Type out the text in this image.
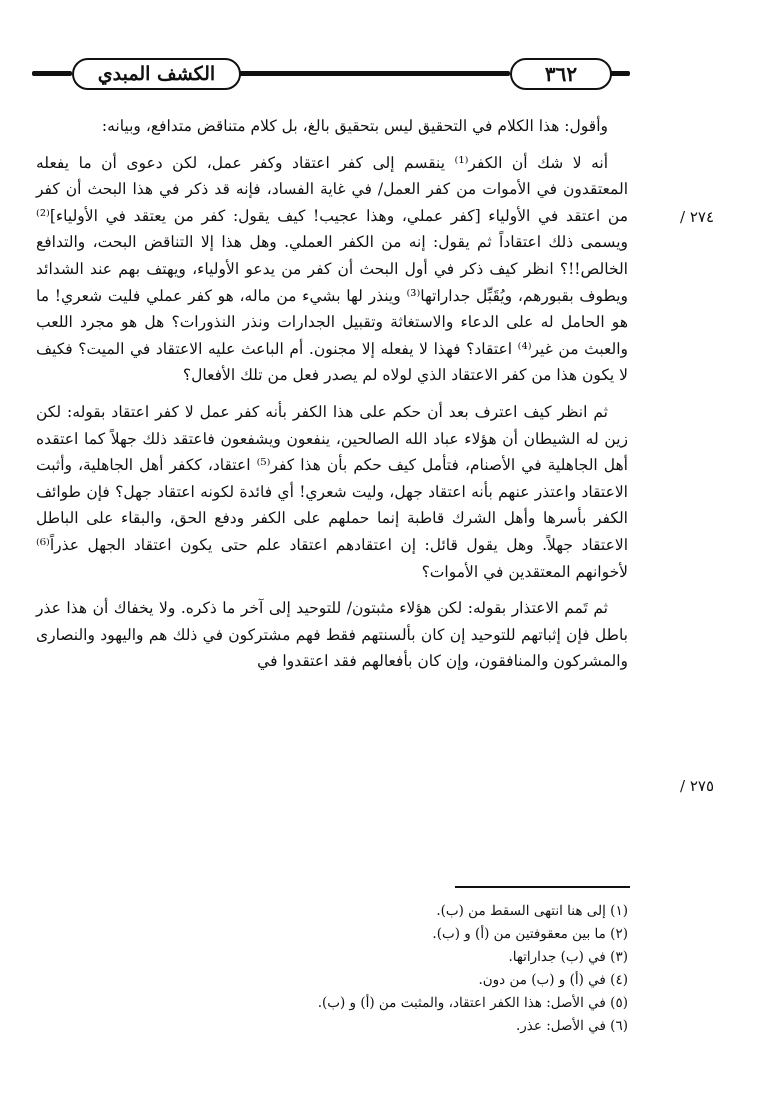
الكشف المبدي	٣٦٢
/ ٢٧٤
/ ٢٧٥

وأقول: هذا الكلام في التحقيق ليس بتحقيق بالغ، بل كلام متناقض متدافع، وبيانه:

أنه لا شك أن الكفر⁽¹⁾ ينقسم إلى كفر اعتقاد وكفر عمل، لكن دعوى أن ما يفعله المعتقدون في الأموات من كفر العمل/ في غاية الفساد، فإنه قد ذكر في هذا البحث أن كفر من اعتقد في الأولياء [كفر عملي، وهذا عجيب! كيف يقول: كفر من يعتقد في الأولياء]⁽²⁾ ويسمى ذلك اعتقاداً ثم يقول: إنه من الكفر العملي. وهل هذا إلا التناقض البحت، والتدافع الخالص!!؟ انظر كيف ذكر في أول البحث أن كفر من يدعو الأولياء، ويهتف بهم عند الشدائد ويطوف بقبورهم، ويُقَبِّل جداراتها⁽³⁾ وينذر لها بشيء من ماله، هو كفر عملي فليت شعري! ما هو الحامل له على الدعاء والاستغاثة وتقبيل الجدارات ونذر النذورات؟ هل هو مجرد اللعب والعبث من غير⁽⁴⁾ اعتقاد؟ فهذا لا يفعله إلا مجنون. أم الباعث عليه الاعتقاد في الميت؟ فكيف لا يكون هذا من كفر الاعتقاد الذي لولاه لم يصدر فعل من تلك الأفعال؟

ثم انظر كيف اعترف بعد أن حكم على هذا الكفر بأنه كفر عمل لا كفر اعتقاد بقوله: لكن زين له الشيطان أن هؤلاء عباد الله الصالحين، ينفعون ويشفعون فاعتقد ذلك جهلاً كما اعتقده أهل الجاهلية في الأصنام، فتأمل كيف حكم بأن هذا كفر⁽⁵⁾ اعتقاد، ككفر أهل الجاهلية، وأثبت الاعتقاد واعتذر عنهم بأنه اعتقاد جهل، وليت شعري! أي فائدة لكونه اعتقاد جهل؟ فإن طوائف الكفر بأسرها وأهل الشرك قاطبة إنما حملهم على الكفر ودفع الحق، والبقاء على الباطل الاعتقاد جهلاً. وهل يقول قائل: إن اعتقادهم اعتقاد علم حتى يكون اعتقاد الجهل عذراً⁽⁶⁾ لأخوانهم المعتقدين في الأموات؟

ثم تَمم الاعتذار بقوله: لكن هؤلاء مثبتون/ للتوحيد إلى آخر ما ذكره. ولا يخفاك أن هذا عذر باطل فإن إثباتهم للتوحيد إن كان بألسنتهم فقط فهم مشتركون في ذلك هم واليهود والنصارى والمشركون والمنافقون، وإن كان بأفعالهم فقد اعتقدوا في

(١) إلى هنا انتهى السقط من (ب).
(٢) ما بين معقوفتين من (أ) و (ب).
(٣) في (ب) جداراتها.
(٤) في (أ) و (ب) من دون.
(٥) في الأصل: هذا الكفر اعتقاد، والمثبت من (أ) و (ب).
(٦) في الأصل: عذر.
